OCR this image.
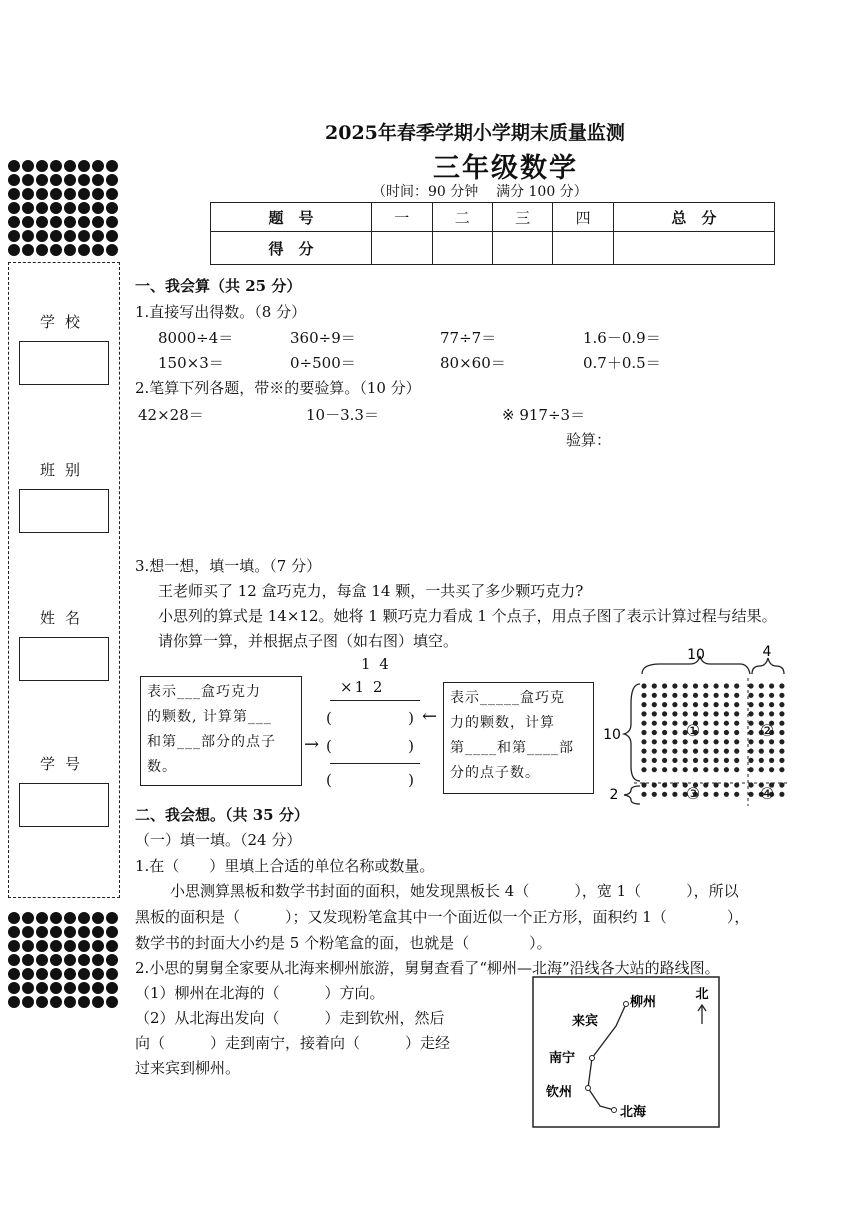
学校
班别
姓名
学号
2025年春季学期小学期末质量监测
三年级数学
（时间：90 分钟    满分 100 分）
题　号	一	二	三	四	总　分
得　分					
一、我会算（共 25 分）
1.直接写出得数。（8 分）
8000÷4＝	360÷9＝	77÷7＝	1.6－0.9＝
150×3＝	0÷500＝	80×60＝	0.7＋0.5＝
2.笔算下列各题，带※的要验算。（10 分）
42×28＝	10－3.3＝	※ 917÷3＝
验算：
3.想一想，填一填。（7 分）
王老师买了 12 盒巧克力，每盒 14 颗，一共买了多少颗巧克力?
小思列的算式是 14×12。她将 1 颗巧克力看成 1 个点子，用点子图了表示计算过程与结果。
请你算一算，并根据点子图（如右图）填空。
表示___盒巧克力
的颗数, 计算第___
和第___部分的点子
数。
1 4
×1 2
(                ) ←
→ (                )
(                )
表示_____盒巧克
力的颗数，计算
第____和第____部
分的点子数。
10	4
10
2
①	②
③	④
二、我会想。（共 35 分）
（一）填一填。（24 分）
1.在（　　）里填上合适的单位名称或数量。
小思测算黑板和数学书封面的面积，她发现黑板长 4（　　　），宽 1（　　　），所以
黑板的面积是（　　　）；又发现粉笔盒其中一个面近似一个正方形，面积约 1（　　　　），
数学书的封面大小约是 5 个粉笔盒的面，也就是（　　　　）。
2.小思的舅舅全家要从北海来柳州旅游，舅舅查看了“柳州—北海”沿线各大站的路线图。
（1）柳州在北海的（　　　）方向。
（2）从北海出发向（　　　）走到钦州，然后
向（　　　）走到南宁，接着向（　　　）走经
过来宾到柳州。
柳州
来宾
南宁
钦州
北海
北
